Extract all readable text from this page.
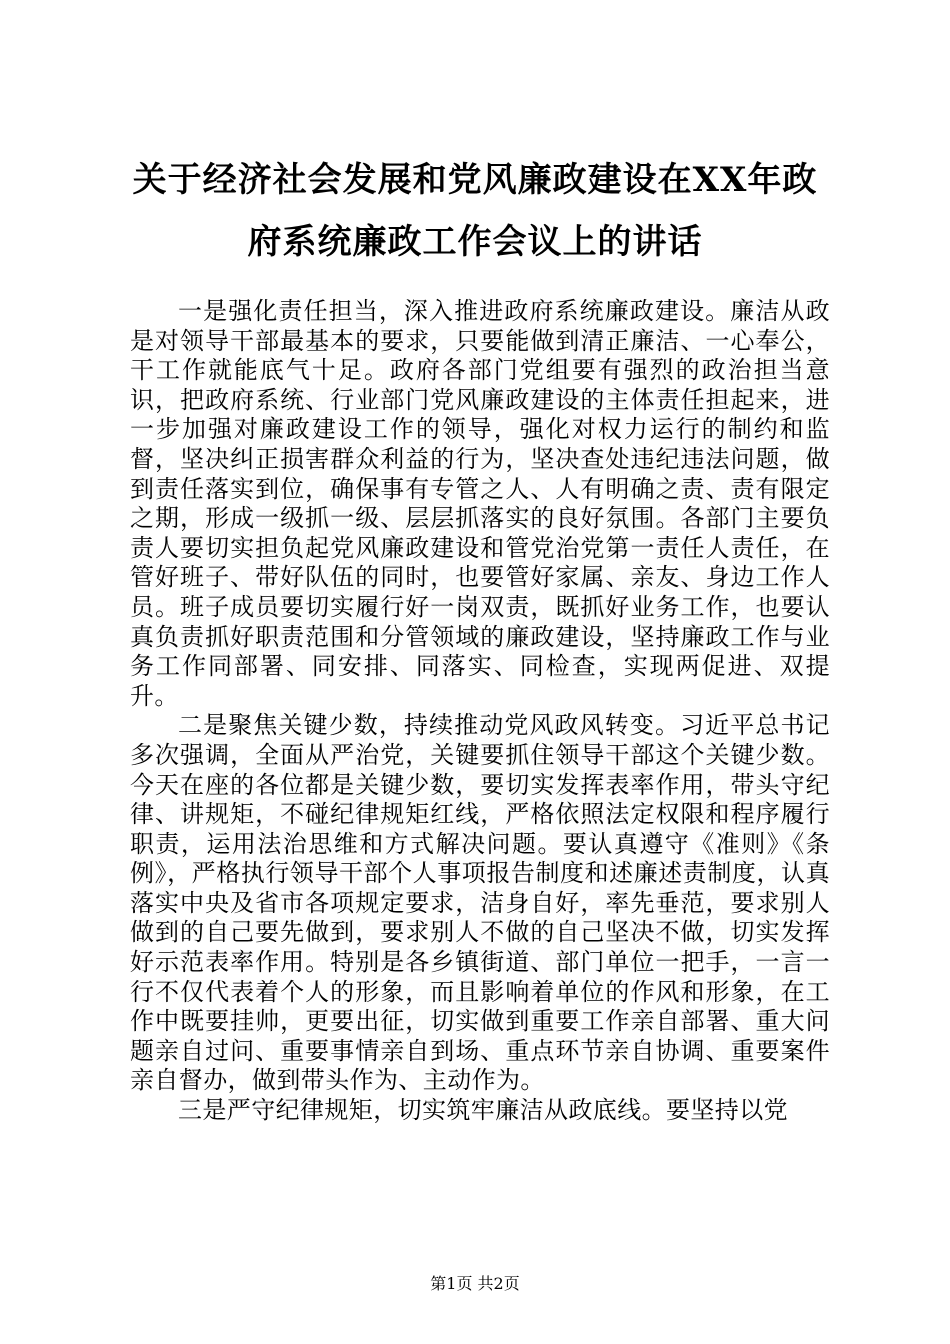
关于经济社会发展和党风廉政建设在XX年政
府系统廉政工作会议上的讲话

一是强化责任担当，深入推进政府系统廉政建设。廉洁从政是对领导干部最基本的要求，只要能做到清正廉洁、一心奉公，干工作就能底气十足。政府各部门党组要有强烈的政治担当意识，把政府系统、行业部门党风廉政建设的主体责任担起来，进一步加强对廉政建设工作的领导，强化对权力运行的制约和监督，坚决纠正损害群众利益的行为，坚决查处违纪违法问题，做到责任落实到位，确保事有专管之人、人有明确之责、责有限定之期，形成一级抓一级、层层抓落实的良好氛围。各部门主要负责人要切实担负起党风廉政建设和管党治党第一责任人责任，在管好班子、带好队伍的同时，也要管好家属、亲友、身边工作人员。班子成员要切实履行好一岗双责，既抓好业务工作，也要认真负责抓好职责范围和分管领域的廉政建设，坚持廉政工作与业务工作同部署、同安排、同落实、同检查，实现两促进、双提升。

二是聚焦关键少数，持续推动党风政风转变。习近平总书记多次强调，全面从严治党，关键要抓住领导干部这个关键少数。今天在座的各位都是关键少数，要切实发挥表率作用，带头守纪律、讲规矩，不碰纪律规矩红线，严格依照法定权限和程序履行职责，运用法治思维和方式解决问题。要认真遵守《准则》《条例》，严格执行领导干部个人事项报告制度和述廉述责制度，认真落实中央及省市各项规定要求，洁身自好，率先垂范，要求别人做到的自己要先做到，要求别人不做的自己坚决不做，切实发挥好示范表率作用。特别是各乡镇街道、部门单位一把手，一言一行不仅代表着个人的形象，而且影响着单位的作风和形象，在工作中既要挂帅，更要出征，切实做到重要工作亲自部署、重大问题亲自过问、重要事情亲自到场、重点环节亲自协调、重要案件亲自督办，做到带头作为、主动作为。

三是严守纪律规矩，切实筑牢廉洁从政底线。要坚持以党

第1页 共2页
